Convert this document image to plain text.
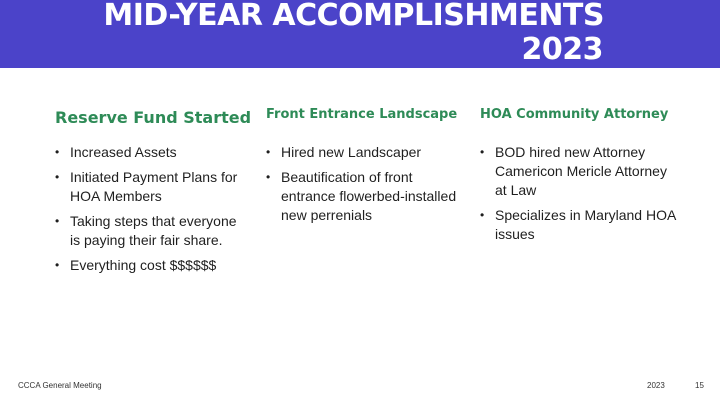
MID-YEAR ACCOMPLISHMENTS
2023
Reserve Fund Started
• Increased Assets
• Initiated Payment Plans for HOA Members
• Taking steps that everyone is paying their fair share.
• Everything cost $$$$$$
Front Entrance Landscape
• Hired new Landscaper
• Beautification of front entrance flowerbed-installed new perrenials
HOA Community Attorney
• BOD hired new Attorney Camericon Mericle Attorney at Law
• Specializes in Maryland HOA issues
CCCA General Meeting	2023	15
